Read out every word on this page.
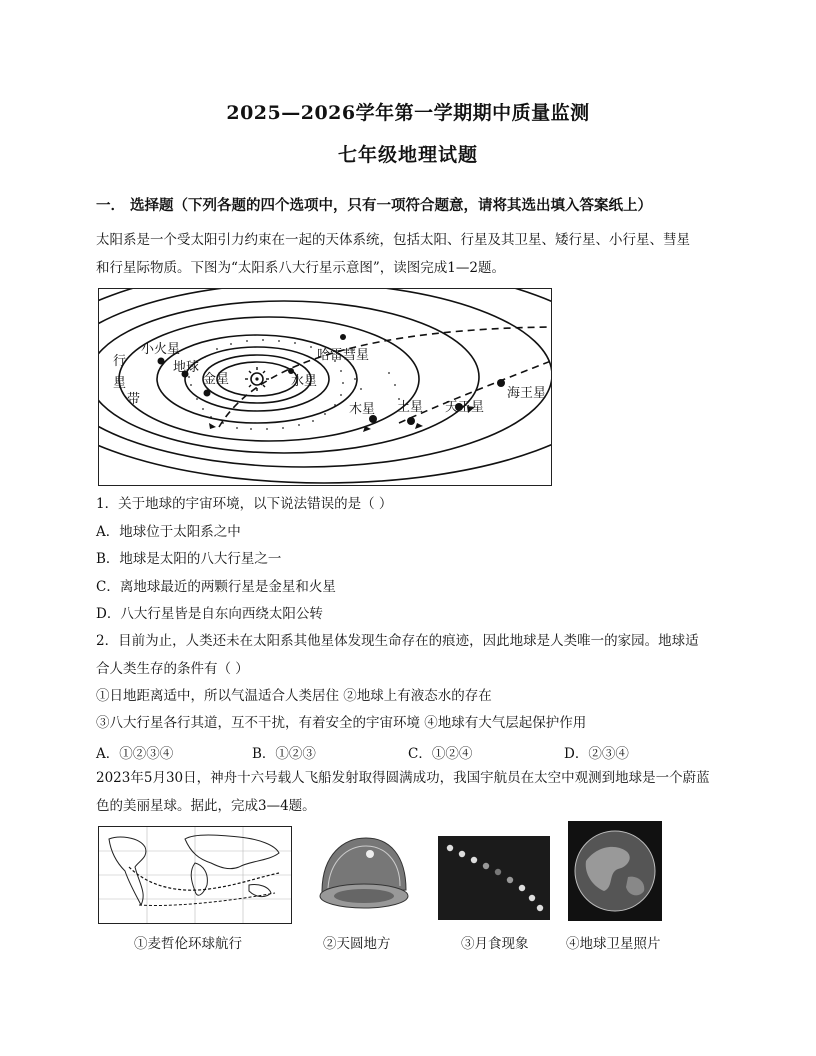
2025—2026学年第一学期期中质量监测
七年级地理试题
一． 选择题（下列各题的四个选项中，只有一项符合题意，请将其选出填入答案纸上）
太阳系是一个受太阳引力约束在一起的天体系统，包括太阳、行星及其卫星、矮行星、小行星、彗星
和行星际物质。下图为“太阳系八大行星示意图”，读图完成1—2题。
行
星
带
小火星
地球
金星	水星
哈雷彗星
木星 土星 天王星
海王星
1．关于地球的宇宙环境，以下说法错误的是（ ）
A．地球位于太阳系之中
B．地球是太阳的八大行星之一
C．离地球最近的两颗行星是金星和火星
D．八大行星皆是自东向西绕太阳公转
2．目前为止，人类还未在太阳系其他星体发现生命存在的痕迹，因此地球是人类唯一的家园。地球适
合人类生存的条件有（ ）
①日地距离适中，所以气温适合人类居住 ②地球上有液态水的存在
③八大行星各行其道，互不干扰，有着安全的宇宙环境 ④地球有大气层起保护作用
A．①②③④	B．①②③	C．①②④	D．②③④
2023年5月30日，神舟十六号载人飞船发射取得圆满成功，我国宇航员在太空中观测到地球是一个蔚蓝
色的美丽星球。据此，完成3—4题。
①麦哲伦环球航行	②天圆地方	③月食现象	④地球卫星照片
